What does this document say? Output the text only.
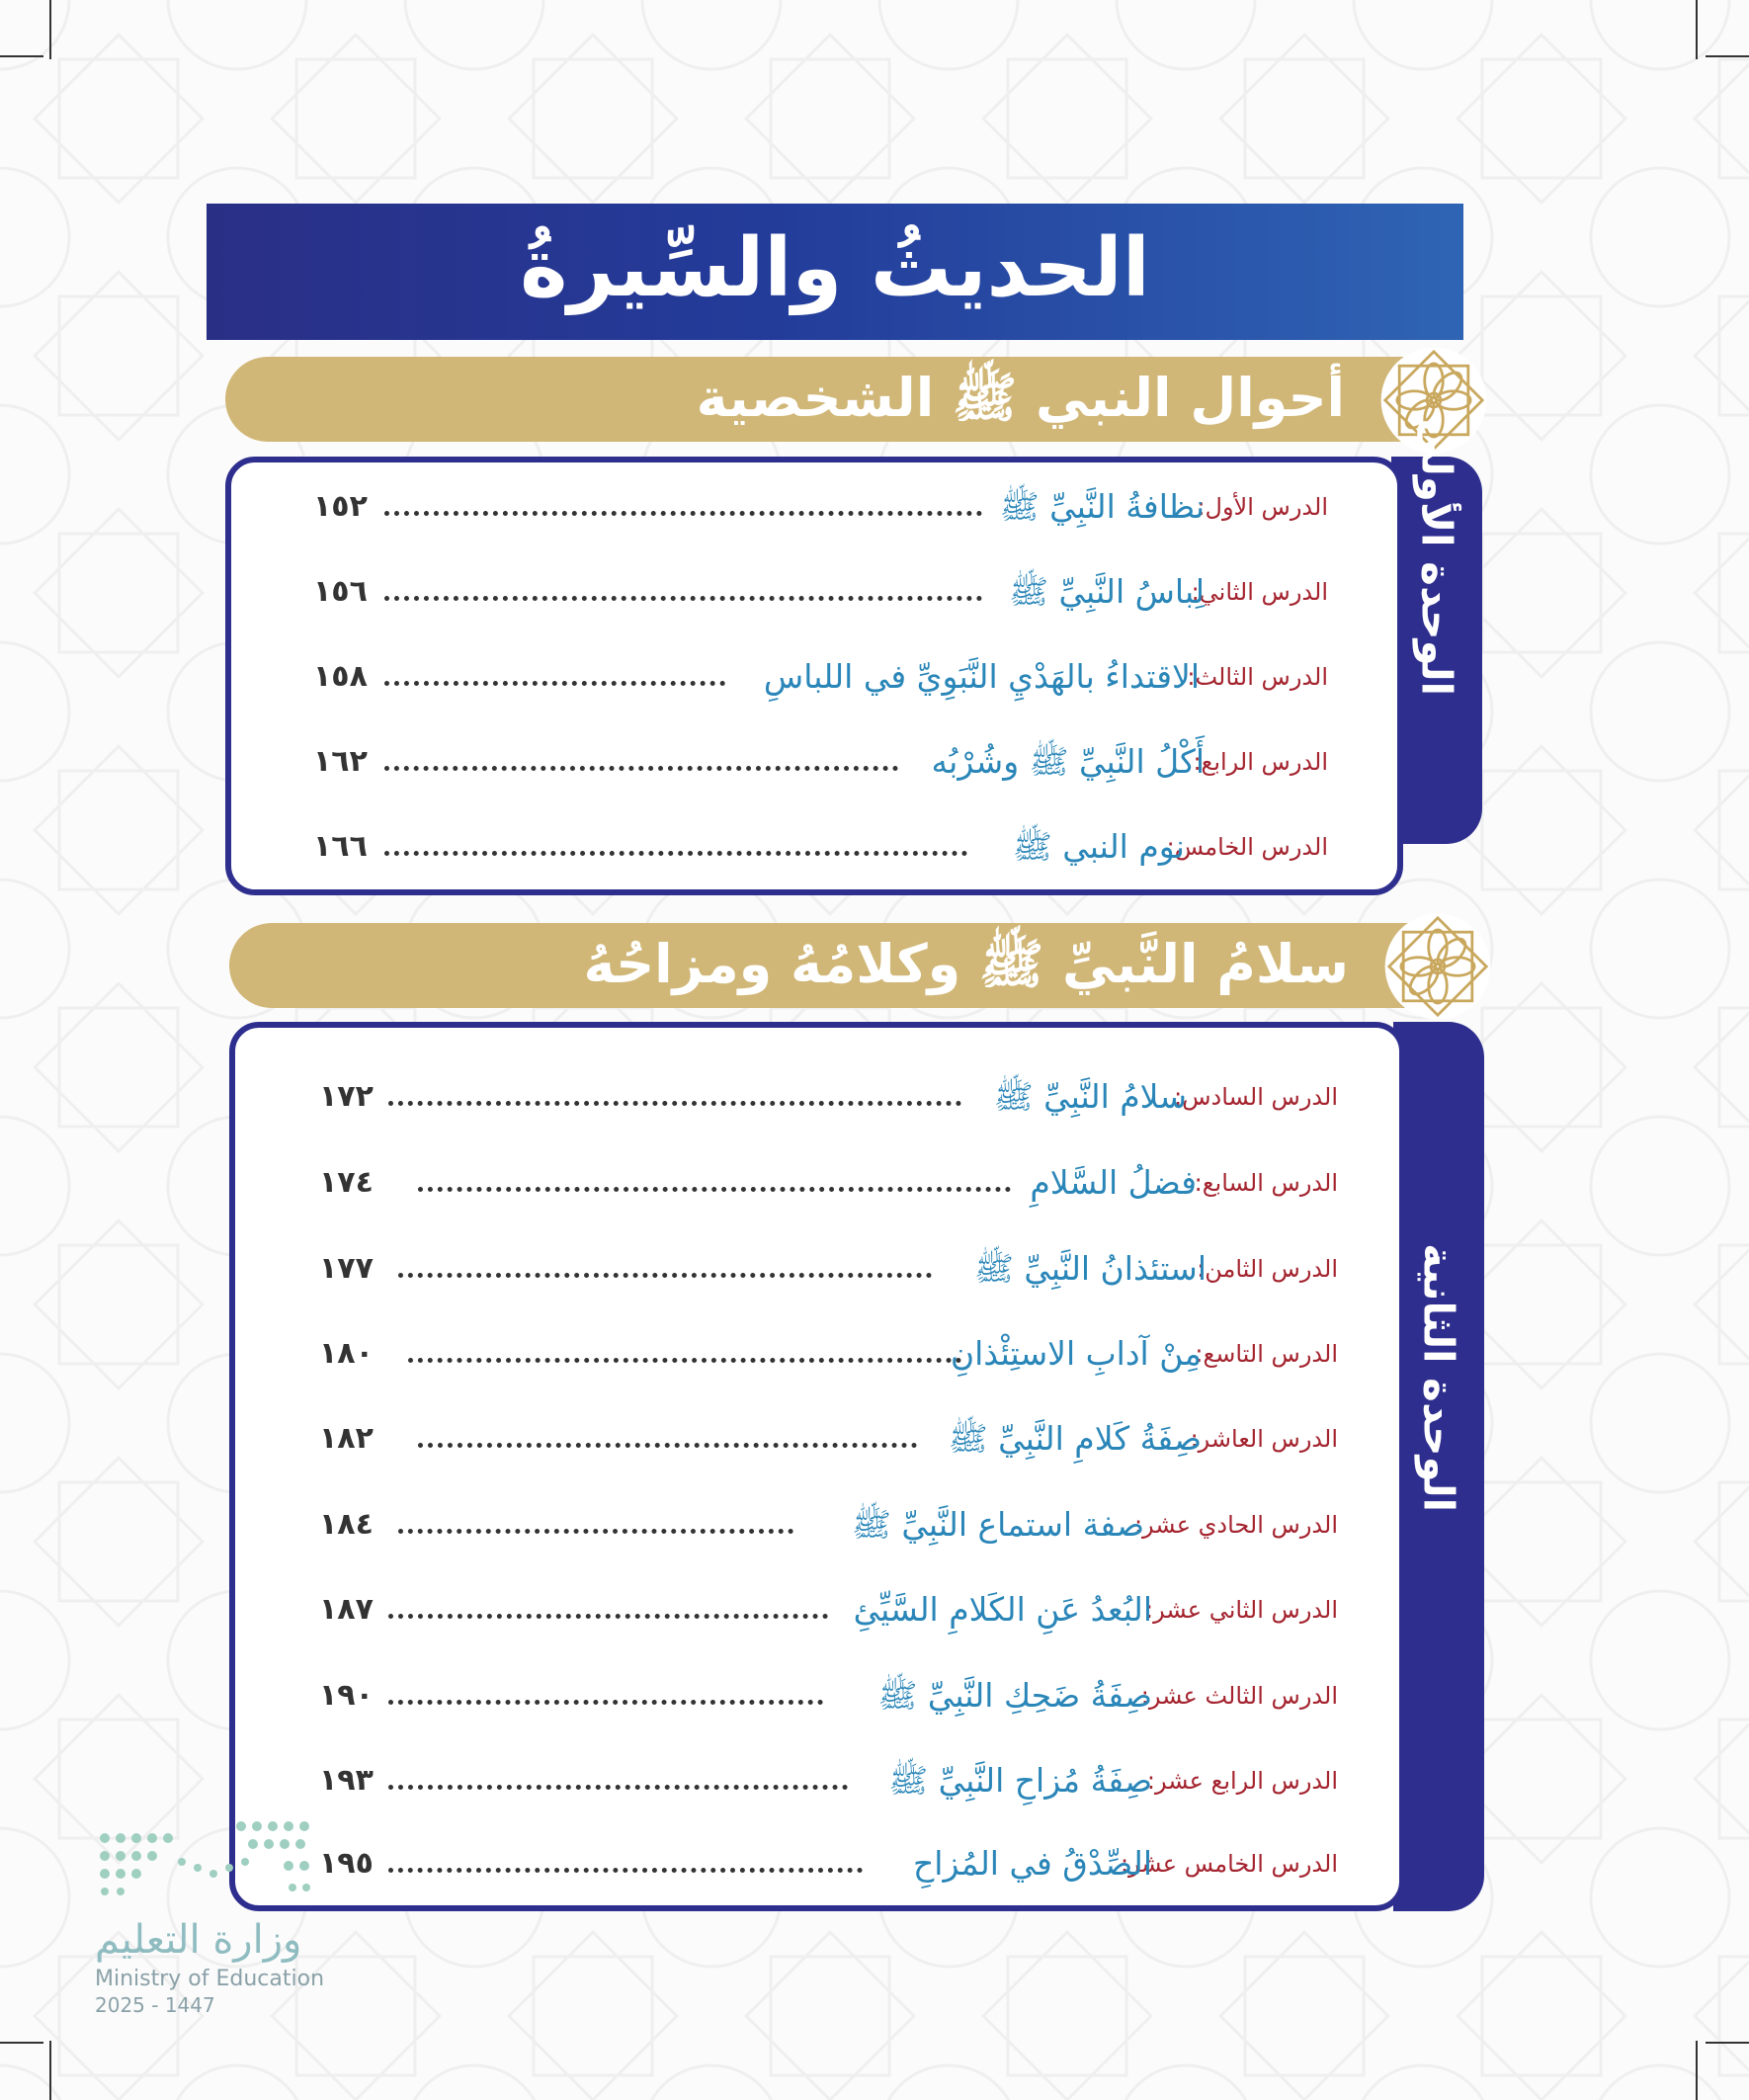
الحديثُ والسِّيرةُ
أحوال النبي ﷺ الشخصية
الوحدة الأولى
الدرس الأول:
نظافةُ النَّبِيِّ ﷺ
١٥٢
الدرس الثاني:
لِباسُ النَّبِيِّ ﷺ
١٥٦
الدرس الثالث:
الاقتداءُ بالهَدْيِ النَّبَوِيِّ في اللباسِ
١٥٨
الدرس الرابع:
أَكْلُ النَّبِيِّ ﷺ وشُرْبُه
١٦٢
الدرس الخامس:
نوم النبي ﷺ
١٦٦
سلامُ النَّبيِّ ﷺ وكلامُهُ ومزاحُهُ
الوحدة الثانية
الدرس السادس:
سلامُ النَّبِيِّ ﷺ
١٧٢
الدرس السابع:
فضلُ السَّلامِ
١٧٤
الدرس الثامن:
استئذانُ النَّبِيِّ ﷺ
١٧٧
الدرس التاسع:
مِنْ آدابِ الاستِئْذانِ
١٨٠
الدرس العاشر:
صِفَةُ كَلامِ النَّبِيِّ ﷺ
١٨٢
الدرس الحادي عشر:
صفة استماع النَّبِيِّ ﷺ
١٨٤
الدرس الثاني عشر:
البُعدُ عَنِ الكَلامِ السَّيِّئِ
١٨٧
الدرس الثالث عشر:
صِفَةُ ضَحِكِ النَّبِيِّ ﷺ
١٩٠
الدرس الرابع عشر:
صِفَةُ مُزاحِ النَّبِيِّ ﷺ
١٩٣
الدرس الخامس عشر:
الصِّدْقُ في المُزاحِ
١٩٥
وزارة التعليم
Ministry of Education
2025 - 1447
